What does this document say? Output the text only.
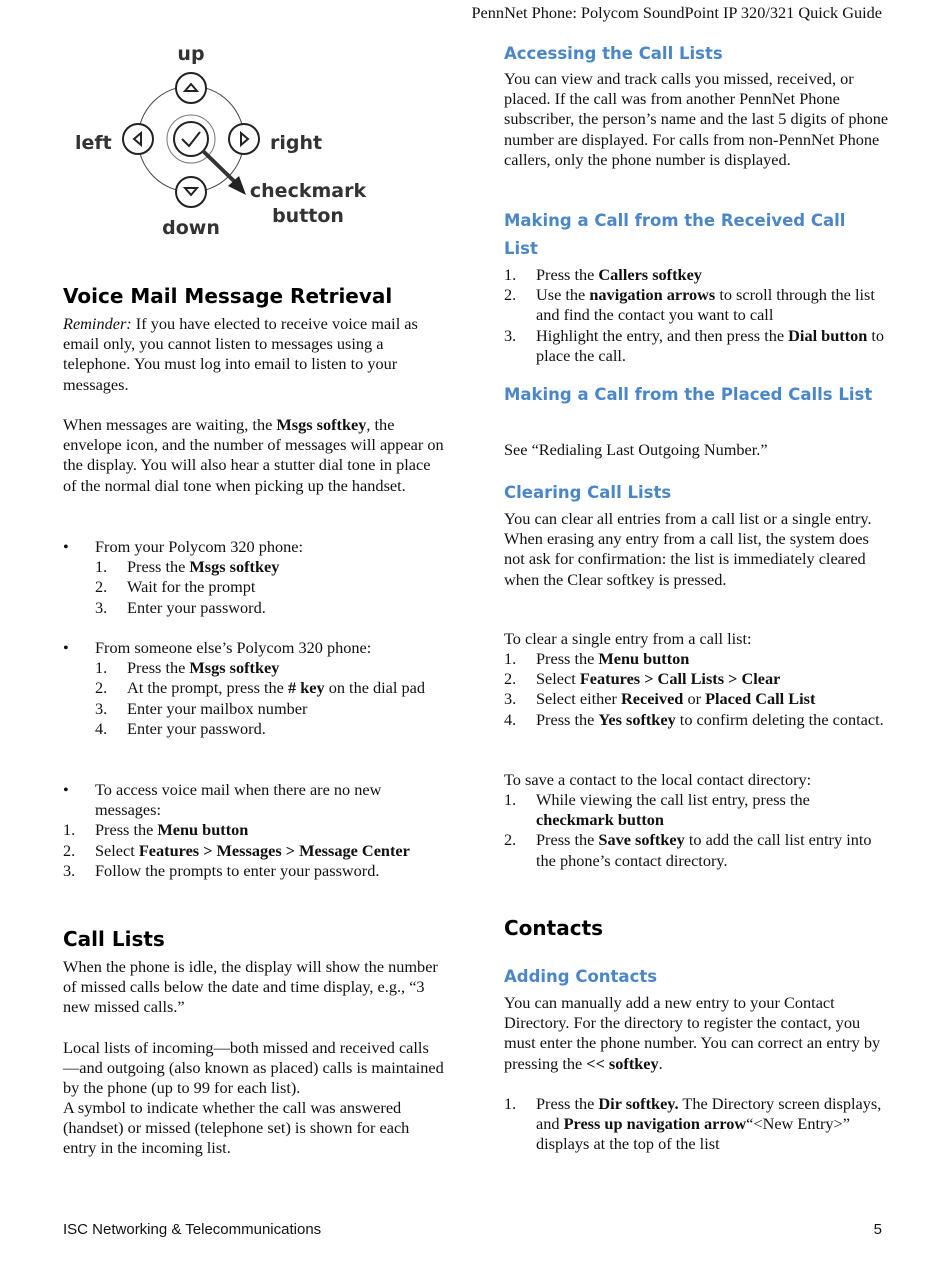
PennNet Phone: Polycom SoundPoint IP 320/321 Quick Guide
up
down
left	right
checkmark
button
Voice Mail Message Retrieval

Reminder: If you have elected to receive voice mail as email only, you cannot listen to messages using a telephone. You must log into email to listen to your messages.

When messages are waiting, the Msgs softkey, the envelope icon, and the number of messages will appear on the display. You will also hear a stutter dial tone in place of the normal dial tone when picking up the handset.

• From your Polycom 320 phone:
1. Press the Msgs softkey
2. Wait for the prompt
3. Enter your password.
• From someone else’s Polycom 320 phone:
1. Press the Msgs softkey
2. At the prompt, press the # key on the dial pad
3. Enter your mailbox number
4. Enter your password.
• To access voice mail when there are no new messages:
1. Press the Menu button
2. Select Features > Messages > Message Center
3. Follow the prompts to enter your password.
Call Lists

When the phone is idle, the display will show the number of missed calls below the date and time display, e.g., “3 new missed calls.”

Local lists of incoming—both missed and received calls—and outgoing (also known as placed) calls is maintained by the phone (up to 99 for each list).

A symbol to indicate whether the call was answered (handset) or missed (telephone set) is shown for each entry in the incoming list.

Accessing the Call Lists

You can view and track calls you missed, received, or placed. If the call was from another PennNet Phone subscriber, the person’s name and the last 5 digits of phone number are displayed. For calls from non-PennNet Phone callers, only the phone number is displayed.

Making a Call from the Received Call List
1. Press the Callers softkey
2. Use the navigation arrows to scroll through the list and find the contact you want to call
3. Highlight the entry, and then press the Dial button to place the call.
Making a Call from the Placed Calls List

See “Redialing Last Outgoing Number.”

Clearing Call Lists

You can clear all entries from a call list or a single entry. When erasing any entry from a call list, the system does not ask for confirmation: the list is immediately cleared when the Clear softkey is pressed.

To clear a single entry from a call list:

1. Press the Menu button
2. Select Features > Call Lists > Clear
3. Select either Received or Placed Call List
4. Press the Yes softkey to confirm deleting the contact.

To save a contact to the local contact directory:

1. While viewing the call list entry, press the checkmark button
2. Press the Save softkey to add the call list entry into the phone’s contact directory.
Contacts
Adding Contacts

You can manually add a new entry to your Contact Directory. For the directory to register the contact, you must enter the phone number. You can correct an entry by pressing the << softkey.

1. Press the Dir softkey. The Directory screen displays, and Press up navigation arrow“<New Entry>” displays at the top of the list
ISC Networking & Telecommunications	5
